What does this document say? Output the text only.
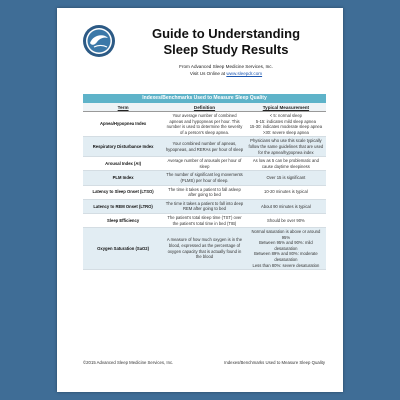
Guide to Understanding
Sleep Study Results
From Advanced Sleep Medicine Services, Inc.
Visit Us Online at www.sleepdr.com
Indexes/Benchmarks Used to Measure Sleep Quality
Term	Definition	Typical Measurement
Apnea/Hypopnea Index	Your average number of combined apneas and hypopneas per hour. This number is used to determine the severity of a person's sleep apnea.	< 5: normal sleep
5-15: indicates mild sleep apnea
15-30: indicates moderate sleep apnea
>30: severe sleep apnea

Respiratory Disturbance Index	Your combined number of apneas, hypopneas, and RERAs per hour of sleep	Physicians who use this scale typically follow the same guidelines that are used for the apnea/hypopnea index

Arousal Index (AI)	Average number of arousals per hour of sleep	As low as 5 can be problematic and cause daytime sleepiness

PLM Index	The number of significant leg movements (PLMS) per hour of sleep.	Over 15 is significant

Latency to Sleep Onset (LTSO)	The time it takes a patient to fall asleep after going to bed	10-20 minutes is typical

Latency to REM Onset (LTRO)	The time it takes a patient to fall into deep REM after going to bed	About 90 minutes is typical

Sleep Efficiency	The patient's total sleep time (TST) over the patient's total time in bed (TIB)	Should be over 90%

Oxygen Saturation (SaO2)	A measure of how much oxygen is in the blood, expressed as the percentage of oxygen capacity that is actually found in the blood	Normal saturation is above or around 95%
Between 95% and 90%: mild desaturation
Between 89% and 80%: moderate desaturation
Less than 80%: severe desaturation
©2015 Advanced Sleep Medicine Services, Inc.	Indexes/Benchmarks Used to Measure Sleep Quality
